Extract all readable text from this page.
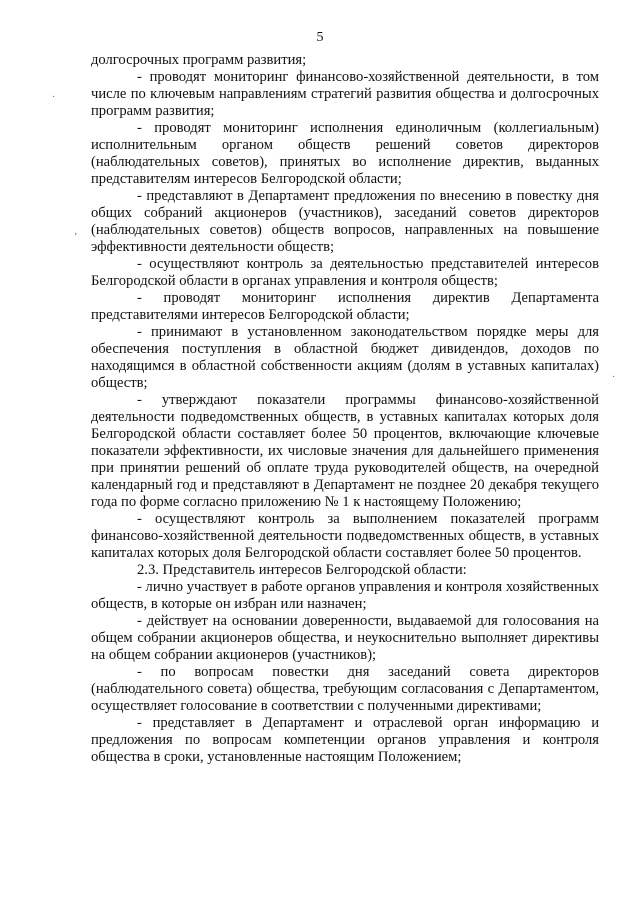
5
·
ʼ
·

долгосрочных программ развития;

- проводят мониторинг финансово-хозяйственной деятельности, в том числе по ключевым направлениям стратегий развития общества и долгосрочных программ развития;

- проводят мониторинг исполнения единоличным (коллегиальным) исполнительным органом обществ решений советов директоров (наблюдательных советов), принятых во исполнение директив, выданных представителям интересов Белгородской области;

- представляют в Департамент предложения по внесению в повестку дня общих собраний акционеров (участников), заседаний советов директоров (наблюдательных советов) обществ вопросов, направленных на повышение эффективности деятельности обществ;

- осуществляют контроль за деятельностью представителей интересов Белгородской области в органах управления и контроля обществ;

- проводят мониторинг исполнения директив Департамента представителями интересов Белгородской области;

- принимают в установленном законодательством порядке меры для обеспечения поступления в областной бюджет дивидендов, доходов по находящимся в областной собственности акциям (долям в уставных капиталах) обществ;

- утверждают показатели программы финансово-хозяйственной деятельности подведомственных обществ, в уставных капиталах которых доля Белгородской области составляет более 50 процентов, включающие ключевые показатели эффективности, их числовые значения для дальнейшего применения при принятии решений об оплате труда руководителей обществ, на очередной календарный год и представляют в Департамент не позднее 20 декабря текущего года по форме согласно приложению № 1 к настоящему Положению;

- осуществляют контроль за выполнением показателей программ финансово-хозяйственной деятельности подведомственных обществ, в уставных капиталах которых доля Белгородской области составляет более 50 процентов.

2.3. Представитель интересов Белгородской области:

- лично участвует в работе органов управления и контроля хозяйственных обществ, в которые он избран или назначен;

- действует на основании доверенности, выдаваемой для голосования на общем собрании акционеров общества, и неукоснительно выполняет директивы на общем собрании акционеров (участников);

- по вопросам повестки дня заседаний совета директоров (наблюдательного совета) общества, требующим согласования с Департаментом, осуществляет голосование в соответствии с полученными директивами;

- представляет в Департамент и отраслевой орган информацию и предложения по вопросам компетенции органов управления и контроля общества в сроки, установленные настоящим Положением;
